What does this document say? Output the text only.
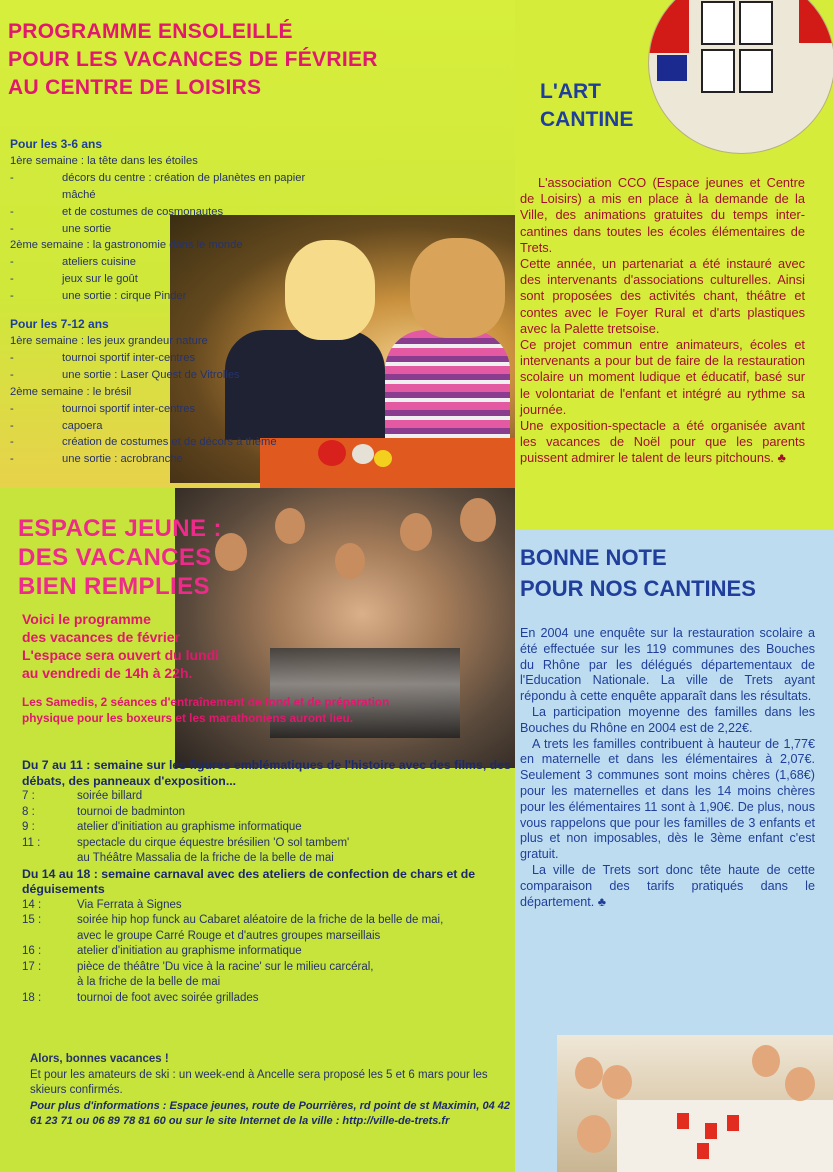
PROGRAMME ENSOLEILLÉ
POUR LES VACANCES DE FÉVRIER
AU CENTRE DE LOISIRS
Pour les 3-6 ans
1ère semaine : la tête dans les étoiles
-	décors du centre : création de planètes en papier mâché
-	et de costumes de cosmonautes
-	une sortie
2ème semaine : la gastronomie dans le monde
-	ateliers cuisine
-	jeux sur le goût
-	une sortie : cirque Pinder
Pour les 7-12 ans
1ère semaine : les jeux grandeur nature
-	tournoi sportif inter-centres
-	une sortie : Laser Quest de Vitrolles
2ème semaine : le brésil
-	tournoi sportif inter-centres
-	capoera
-	création de costumes et de décors à thème
-	une sortie : acrobranche
L'ART
CANTINE

L'association CCO (Espace jeunes et Centre de Loisirs) a mis en place à la demande de la Ville, des animations gratuites du temps inter-cantines dans toutes les écoles élémentaires de Trets.

Cette année, un partenariat a été instauré avec des intervenants d'associations culturelles. Ainsi sont proposées des activités chant, théâtre et contes avec le Foyer Rural et d'arts plastiques avec la Palette tretsoise.

Ce projet commun entre animateurs, écoles et intervenants a pour but de faire de la restauration scolaire un moment ludique et éducatif, basé sur le volontariat de l'enfant et intégré au rythme sa journée.

Une exposition-spectacle a été organisée avant les vacances de Noël pour que les parents puissent admirer le talent de leurs pitchouns. ♣

ESPACE JEUNE :
DES VACANCES
BIEN REMPLIES
Voici le programme
des vacances de février
L'espace sera ouvert du lundi
au vendredi de 14h à 22h.
Les Samedis, 2 séances d'entraînement de fond et de préparation physique pour les boxeurs et les marathoniens auront lieu.
Du 7 au 11 : semaine sur les figures emblématiques de l'histoire avec des films, des débats, des panneaux d'exposition...
7 :	soirée billard
8 :	tournoi de badminton
9 :	atelier d'initiation au graphisme informatique
11 :	spectacle du cirque équestre brésilien 'O sol tambem'
au Théâtre Massalia de la friche de la belle de mai
Du 14 au 18 : semaine carnaval avec des ateliers de confection de chars et de déguisements
14 :	Via Ferrata à Signes
15 :	soirée hip hop funck au Cabaret aléatoire de la friche de la belle de mai,
avec le groupe Carré Rouge et d'autres groupes marseillais
16 :	atelier d'initiation au graphisme informatique
17 :	pièce de théâtre 'Du vice à la racine' sur le milieu carcéral,
à la friche de la belle de mai
18 :	tournoi de foot avec soirée grillades
Alors, bonnes vacances !
Et pour les amateurs de ski : un week-end à Ancelle sera proposé les 5 et 6 mars pour les skieurs confirmés.
Pour plus d'informations : Espace jeunes, route de Pourrières, rd point de st Maximin, 04 42 61 23 71 ou 06 89 78 81 60 ou sur le site Internet de la ville : http://ville-de-trets.fr
BONNE NOTE
POUR NOS CANTINES

En 2004 une enquête sur la restauration scolaire a été effectuée sur les 119 communes des Bouches du Rhône par les délégués départementaux de l'Education Nationale. La ville de Trets ayant répondu à cette enquête apparaît dans les résultats.

La participation moyenne des familles dans les Bouches du Rhône en 2004 est de 2,22€.

A trets les familles contribuent à hauteur de 1,77€ en maternelle et dans les élémentaires à 2,07€. Seulement 3 communes sont moins chères (1,68€) pour les maternelles et dans les 14 moins chères pour les élémentaires 11 sont à 1,90€. De plus, nous vous rappelons que pour les familles de 3 enfants et plus et non imposables, dès le 3ème enfant c'est gratuit.

La ville de Trets sort donc tête haute de cette comparaison des tarifs pratiqués dans le département. ♣
